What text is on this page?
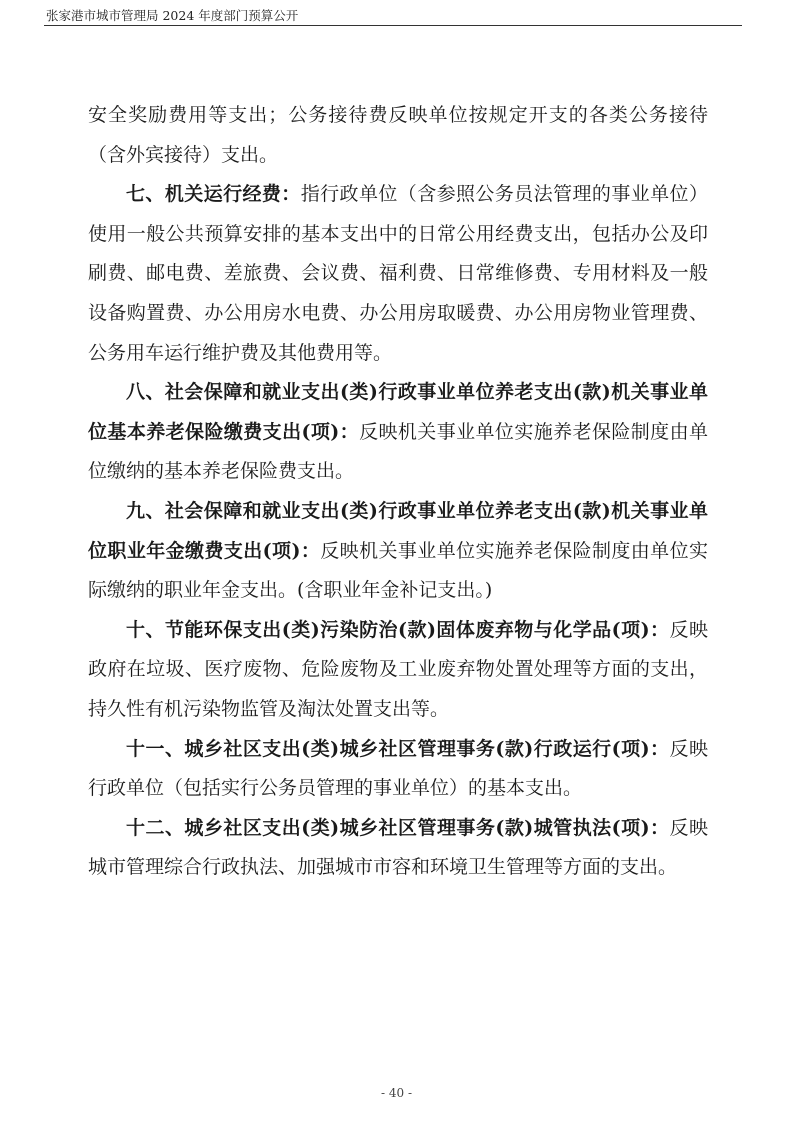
张家港市城市管理局 2024 年度部门预算公开

安全奖励费用等支出；公务接待费反映单位按规定开支的各类公务接待（含外宾接待）支出。

七、机关运行经费：指行政单位（含参照公务员法管理的事业单位）使用一般公共预算安排的基本支出中的日常公用经费支出，包括办公及印刷费、邮电费、差旅费、会议费、福利费、日常维修费、专用材料及一般设备购置费、办公用房水电费、办公用房取暖费、办公用房物业管理费、公务用车运行维护费及其他费用等。

八、社会保障和就业支出(类)行政事业单位养老支出(款)机关事业单位基本养老保险缴费支出(项)：反映机关事业单位实施养老保险制度由单位缴纳的基本养老保险费支出。

九、社会保障和就业支出(类)行政事业单位养老支出(款)机关事业单位职业年金缴费支出(项)：反映机关事业单位实施养老保险制度由单位实际缴纳的职业年金支出。(含职业年金补记支出。)

十、节能环保支出(类)污染防治(款)固体废弃物与化学品(项)：反映政府在垃圾、医疗废物、危险废物及工业废弃物处置处理等方面的支出，持久性有机污染物监管及淘汰处置支出等。

十一、城乡社区支出(类)城乡社区管理事务(款)行政运行(项)：反映行政单位（包括实行公务员管理的事业单位）的基本支出。

十二、城乡社区支出(类)城乡社区管理事务(款)城管执法(项)：反映城市管理综合行政执法、加强城市市容和环境卫生管理等方面的支出。

- 40 -
